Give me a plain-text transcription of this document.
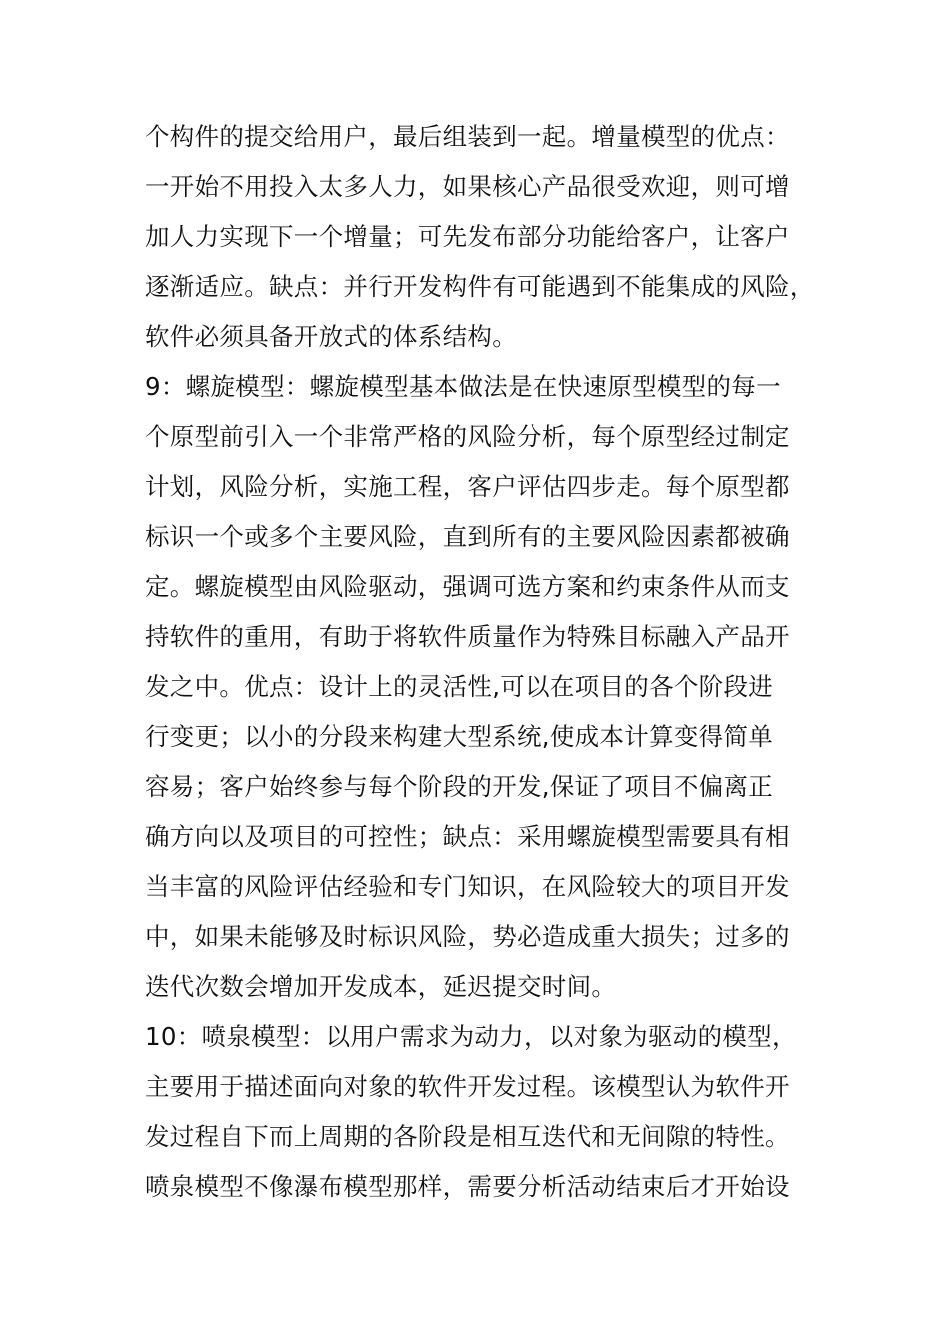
个构件的提交给用户，最后组装到一起。增量模型的优点：
一开始不用投入太多人力，如果核心产品很受欢迎，则可增
加人力实现下一个增量；可先发布部分功能给客户，让客户
逐渐适应。缺点：并行开发构件有可能遇到不能集成的风险，
软件必须具备开放式的体系结构。
9：螺旋模型：螺旋模型基本做法是在快速原型模型的每一
个原型前引入一个非常严格的风险分析，每个原型经过制定
计划，风险分析，实施工程，客户评估四步走。每个原型都
标识一个或多个主要风险，直到所有的主要风险因素都被确
定。螺旋模型由风险驱动，强调可选方案和约束条件从而支
持软件的重用，有助于将软件质量作为特殊目标融入产品开
发之中。优点：设计上的灵活性,可以在项目的各个阶段进
行变更；以小的分段来构建大型系统,使成本计算变得简单
容易；客户始终参与每个阶段的开发,保证了项目不偏离正
确方向以及项目的可控性；缺点：采用螺旋模型需要具有相
当丰富的风险评估经验和专门知识，在风险较大的项目开发
中，如果未能够及时标识风险，势必造成重大损失；过多的
迭代次数会增加开发成本，延迟提交时间。
10：喷泉模型：以用户需求为动力，以对象为驱动的模型，
主要用于描述面向对象的软件开发过程。该模型认为软件开
发过程自下而上周期的各阶段是相互迭代和无间隙的特性。
喷泉模型不像瀑布模型那样，需要分析活动结束后才开始设
